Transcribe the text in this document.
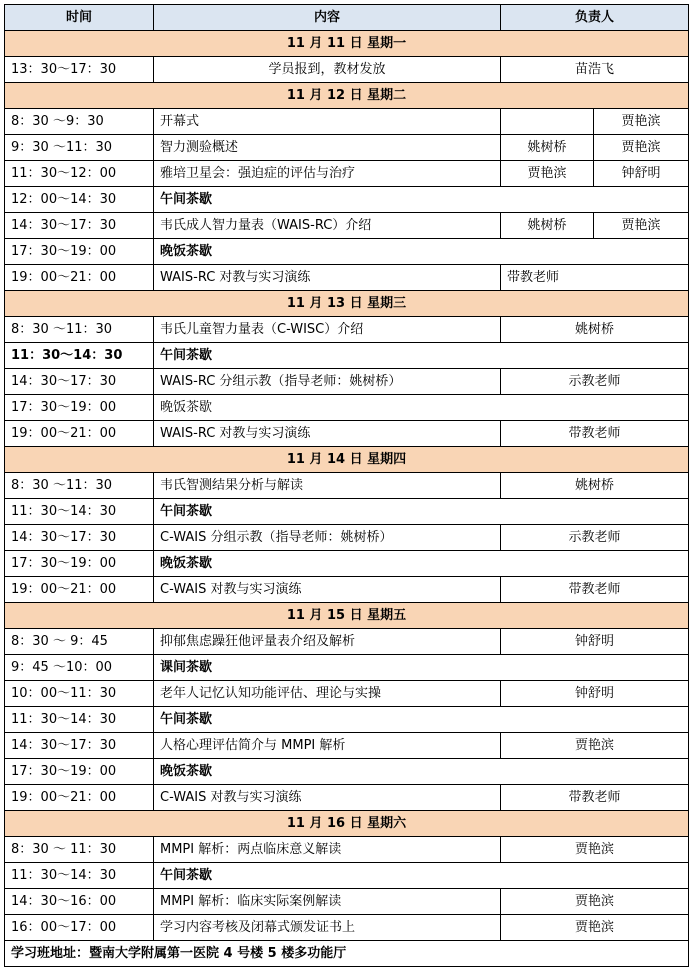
时间	内容	负责人	
11 月 11 日 星期一			
13：30～17：30	学员报到，教材发放	苗浩飞	
11 月 12 日 星期二			
8：30 ～9：30	开幕式		贾艳滨
9：30 ～11：30	智力测验概述	姚树桥	贾艳滨
11：30～12：00	雅培卫星会：强迫症的评估与治疗	贾艳滨	钟舒明
12：00～14：30	午间茶歇		
14：30～17：30	韦氏成人智力量表（WAIS-RC）介绍	姚树桥	贾艳滨
17：30～19：00	晚饭茶歇		
19：00～21：00	WAIS-RC 对教与实习演练	带教老师	
11 月 13 日 星期三			
8：30 ～11：30	韦氏儿童智力量表（C-WISC）介绍	姚树桥	
11：30～14：30	午间茶歇		
14：30～17：30	WAIS-RC 分组示教（指导老师：姚树桥）	示教老师	
17：30～19：00	晚饭茶歇		
19：00～21：00	WAIS-RC 对教与实习演练	带教老师	
11 月 14 日 星期四			
8：30 ～11：30	韦氏智测结果分析与解读	姚树桥	
11：30～14：30	午间茶歇		
14：30～17：30	C-WAIS 分组示教（指导老师：姚树桥）	示教老师	
17：30～19：00	晚饭茶歇		
19：00～21：00	C-WAIS 对教与实习演练	带教老师	
11 月 15 日 星期五			
8：30 ～ 9：45	抑郁焦虑躁狂他评量表介绍及解析	钟舒明	
9：45 ～10：00	课间茶歇		
10：00～11：30	老年人记忆认知功能评估、理论与实操	钟舒明	
11：30～14：30	午间茶歇		
14：30～17：30	人格心理评估简介与 MMPI 解析	贾艳滨	
17：30～19：00	晚饭茶歇		
19：00～21：00	C-WAIS 对教与实习演练	带教老师	
11 月 16 日 星期六			
8：30 ～ 11：30	MMPI 解析：两点临床意义解读	贾艳滨	
11：30～14：30	午间茶歇		
14：30～16：00	MMPI 解析：临床实际案例解读	贾艳滨	
16：00～17：00	学习内容考核及闭幕式颁发证书上	贾艳滨	
学习班地址：暨南大学附属第一医院 4 号楼 5 楼多功能厅			
